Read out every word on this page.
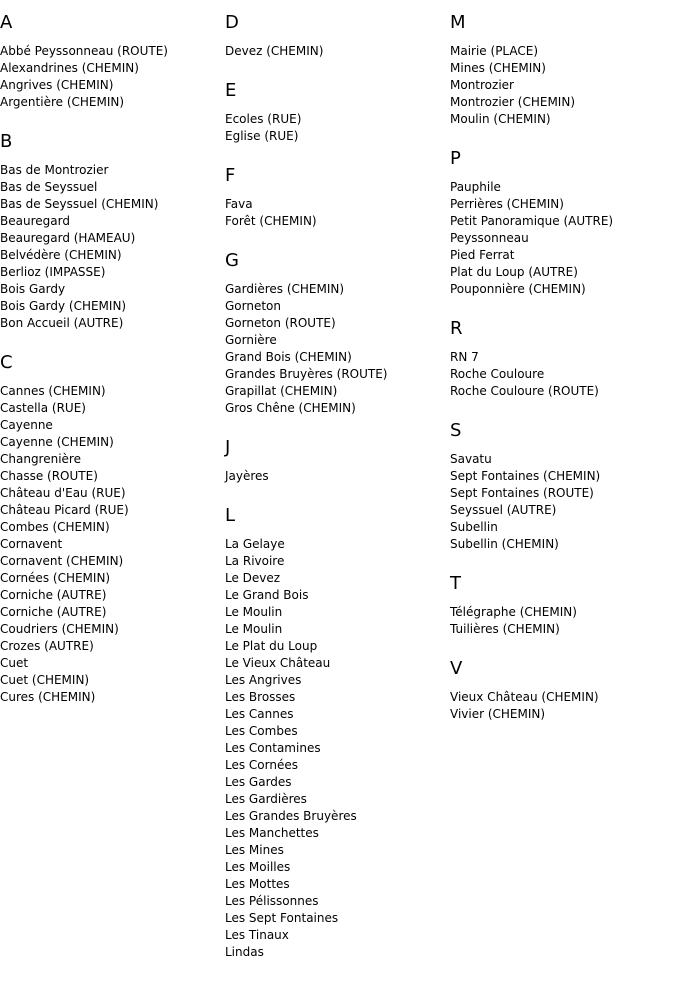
A
Abbé Peyssonneau (ROUTE)
Alexandrines (CHEMIN)
Angrives (CHEMIN)
Argentière (CHEMIN)
B
Bas de Montrozier
Bas de Seyssuel
Bas de Seyssuel (CHEMIN)
Beauregard
Beauregard (HAMEAU)
Belvédère (CHEMIN)
Berlioz (IMPASSE)
Bois Gardy
Bois Gardy (CHEMIN)
Bon Accueil (AUTRE)
C
Cannes (CHEMIN)
Castella (RUE)
Cayenne
Cayenne (CHEMIN)
Changrenière
Chasse (ROUTE)
Château d'Eau (RUE)
Château Picard (RUE)
Combes (CHEMIN)
Cornavent
Cornavent (CHEMIN)
Cornées (CHEMIN)
Corniche (AUTRE)
Corniche (AUTRE)
Coudriers (CHEMIN)
Crozes (AUTRE)
Cuet
Cuet (CHEMIN)
Cures (CHEMIN)
D
Devez (CHEMIN)
E
Ecoles (RUE)
Eglise (RUE)
F
Fava
Forêt (CHEMIN)
G
Gardières (CHEMIN)
Gorneton
Gorneton (ROUTE)
Gornière
Grand Bois (CHEMIN)
Grandes Bruyères (ROUTE)
Grapillat (CHEMIN)
Gros Chêne (CHEMIN)
J
Jayères
L
La Gelaye
La Rivoire
Le Devez
Le Grand Bois
Le Moulin
Le Moulin
Le Plat du Loup
Le Vieux Château
Les Angrives
Les Brosses
Les Cannes
Les Combes
Les Contamines
Les Cornées
Les Gardes
Les Gardières
Les Grandes Bruyères
Les Manchettes
Les Mines
Les Moilles
Les Mottes
Les Pélissonnes
Les Sept Fontaines
Les Tinaux
Lindas
M
Mairie (PLACE)
Mines (CHEMIN)
Montrozier
Montrozier (CHEMIN)
Moulin (CHEMIN)
P
Pauphile
Perrières (CHEMIN)
Petit Panoramique (AUTRE)
Peyssonneau
Pied Ferrat
Plat du Loup (AUTRE)
Pouponnière (CHEMIN)
R
RN 7
Roche Couloure
Roche Couloure (ROUTE)
S
Savatu
Sept Fontaines (CHEMIN)
Sept Fontaines (ROUTE)
Seyssuel (AUTRE)
Subellin
Subellin (CHEMIN)
T
Télégraphe (CHEMIN)
Tuilières (CHEMIN)
V
Vieux Château (CHEMIN)
Vivier (CHEMIN)
